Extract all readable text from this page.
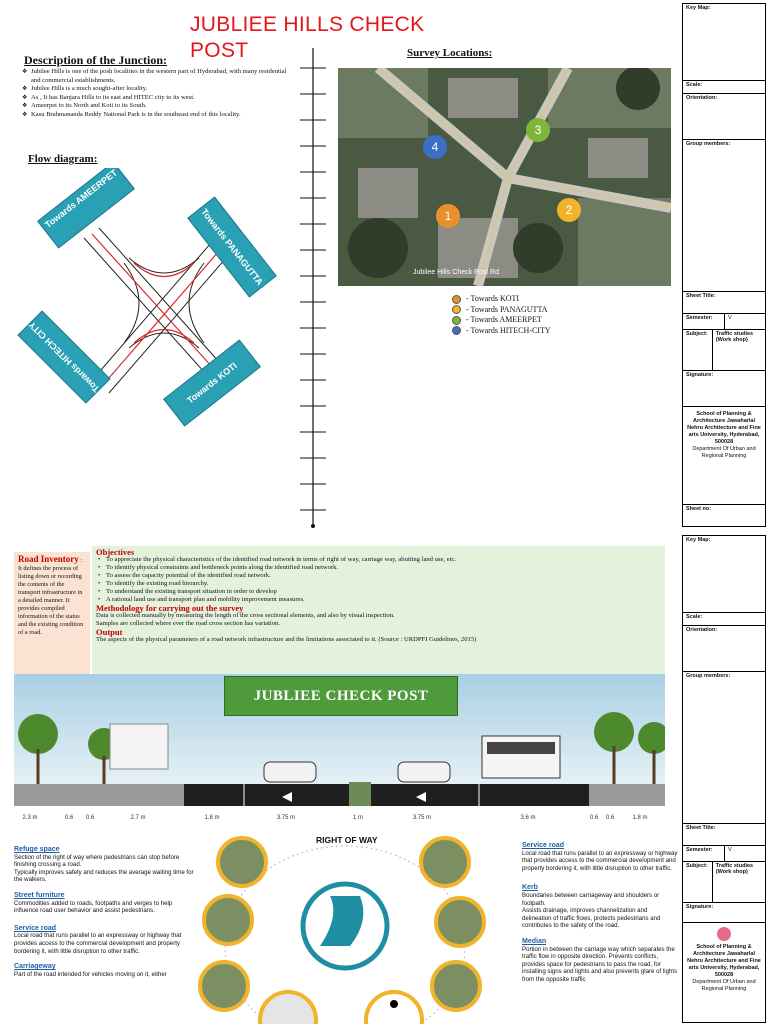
JUBLIEE HILLS CHECK POST
Description of the Junction:
❖ Jubilee Hills is one of the posh localities in the western part of Hyderabad, with many residential and commercial establishments.
❖ Jubilee Hills is a much sought-after locality.
❖ As , It has Banjara Hills to its east and HITEC city to its west.
❖ Ameerpet to its North and Koti to its South.
❖ Kasu Brahmananda Reddy National Park is in the southeast end of this locality.
Flow diagram:
Towards AMEERPET
Towards PANAGUTTA
Towards KOTI
Towards HITECH CITY
Survey Locations:
Jubilee Hills Check Post Rd
1	2
3
4
- Towards KOTI
- Towards PANAGUTTA
- Towards AMEERPET
- Towards HITECH-CITY
Key Map:
Scale:
Orientation:
Group members:
Sheet Title:
Semester:	V
Subject:	Traffic studies (Work shop)
Signature:
School of Planning & Architecture Jawaharlal Nehru Architecture and Fine arts University, Hyderabad, 500028
Department Of Urban and Regional Planning
Sheet no:
Key Map:
Scale:
Orientation:
Group members:
Sheet Title:
Semester:	V
Subject:	Traffic studies (Work shop)
Signature:
School of Planning & Architecture Jawaharlal Nehru Architecture and Fine arts University, Hyderabad, 500028
Department Of Urban and Regional Planning
Road Inventory : It defines the process of listing down or recording the contents of the transport infrastructure in a detailed manner. It provides compiled information of the status and the existing condition of a road.
Objectives
• To appreciate the physical characteristics of the identified road network in terms of right of way, carriage way, abutting land use, etc.
• To identify physical constraints and bottleneck points along the identified road network.
• To assess the capacity potential of the identified road network.
• To identify the existing road hierarchy.
• To understand the existing transport situation in order to develop
• A rational land use and transport plan and mobility improvement measures.
Methodology for carrying out the survey
Data is collected manually by measuring the length of the cross sectional elements, and also by visual inspection.
Samples are collected where ever the road cross section has variation.
Output
The aspects of the physical parameters of a road network infrastructure and the limitations associated to it. (Source : URDPFI Guidelines, 2015)
2.3 m	0.6 0.6	2.7 m	1.8 m	3.75 m	1 m	3.75 m	3.6 m	0.6 0.6	1.8 m
JUBLIEE CHECK POST
RIGHT OF WAY
Refuge space
Section of the right of way where pedestrians can stop before finishing crossing a road.
Typically improves safety and reduces the average waiting time for the walkers.
Street furniture
Commodities added to roads, footpaths and verges to help influence road user behavior and assist pedestrians.
Service road
Local road that runs parallel to an expressway or highway that provides access to the commercial development and property bordering it, with little disruption to other traffic.
Carriageway
Part of the road intended for vehicles moving on it, either
Service road
Local road that runs parallel to an expressway or highway that provides access to the commercial development and property bordering it, with little disruption to other traffic.
Kerb
Boundaries between carriageway and shoulders or footpath.
Assists drainage, improves channelization and delineation of traffic flows, protects pedestrians and contributes to the safety of the road.
Median
Portion in between the carriage way which separates the traffic flow in opposite direction. Prevents conflicts, provides space for pedestrians to pass the road, for installing signs and lights and also prevents glare of lights from the opposite traffic
